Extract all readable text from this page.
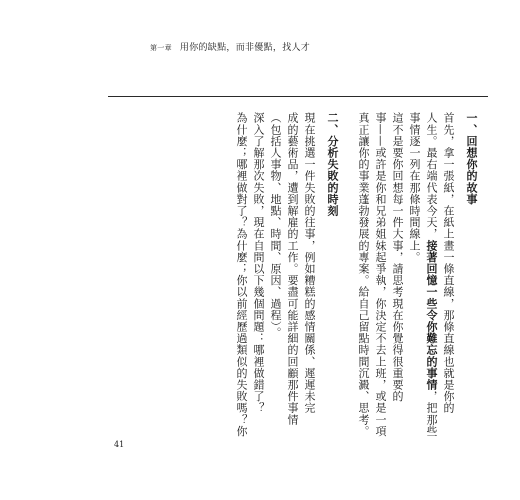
第一章 用你的缺點，而非優點，找人才
一、回想你的故事
首先，拿一張紙，在紙上畫一條直線，那條直線也就是你的
人生。最右端代表今天，接著回憶一些令你難忘的事情，把那些
事情逐一列在那條時間線上。
這不是要你回想每一件大事，請思考現在你覺得很重要的
事——或許是你和兄弟姐妹起爭執，你決定不去上班，或是一項
真正讓你的事業蓬勃發展的專案。給自己留點時間沉澱、思考。
二、分析失敗的時刻
現在挑選一件失敗的往事，例如糟糕的感情關係、遲遲未完
成的藝術品，遭到解雇的工作。要盡可能詳細的回顧那件事情
（包括人事物、地點、時間、原因、過程）。
深入了解那次失敗，現在自問以下幾個問題：哪裡做錯了？
為什麼；哪裡做對了？為什麼；你以前經歷過類似的失敗嗎？你
41
